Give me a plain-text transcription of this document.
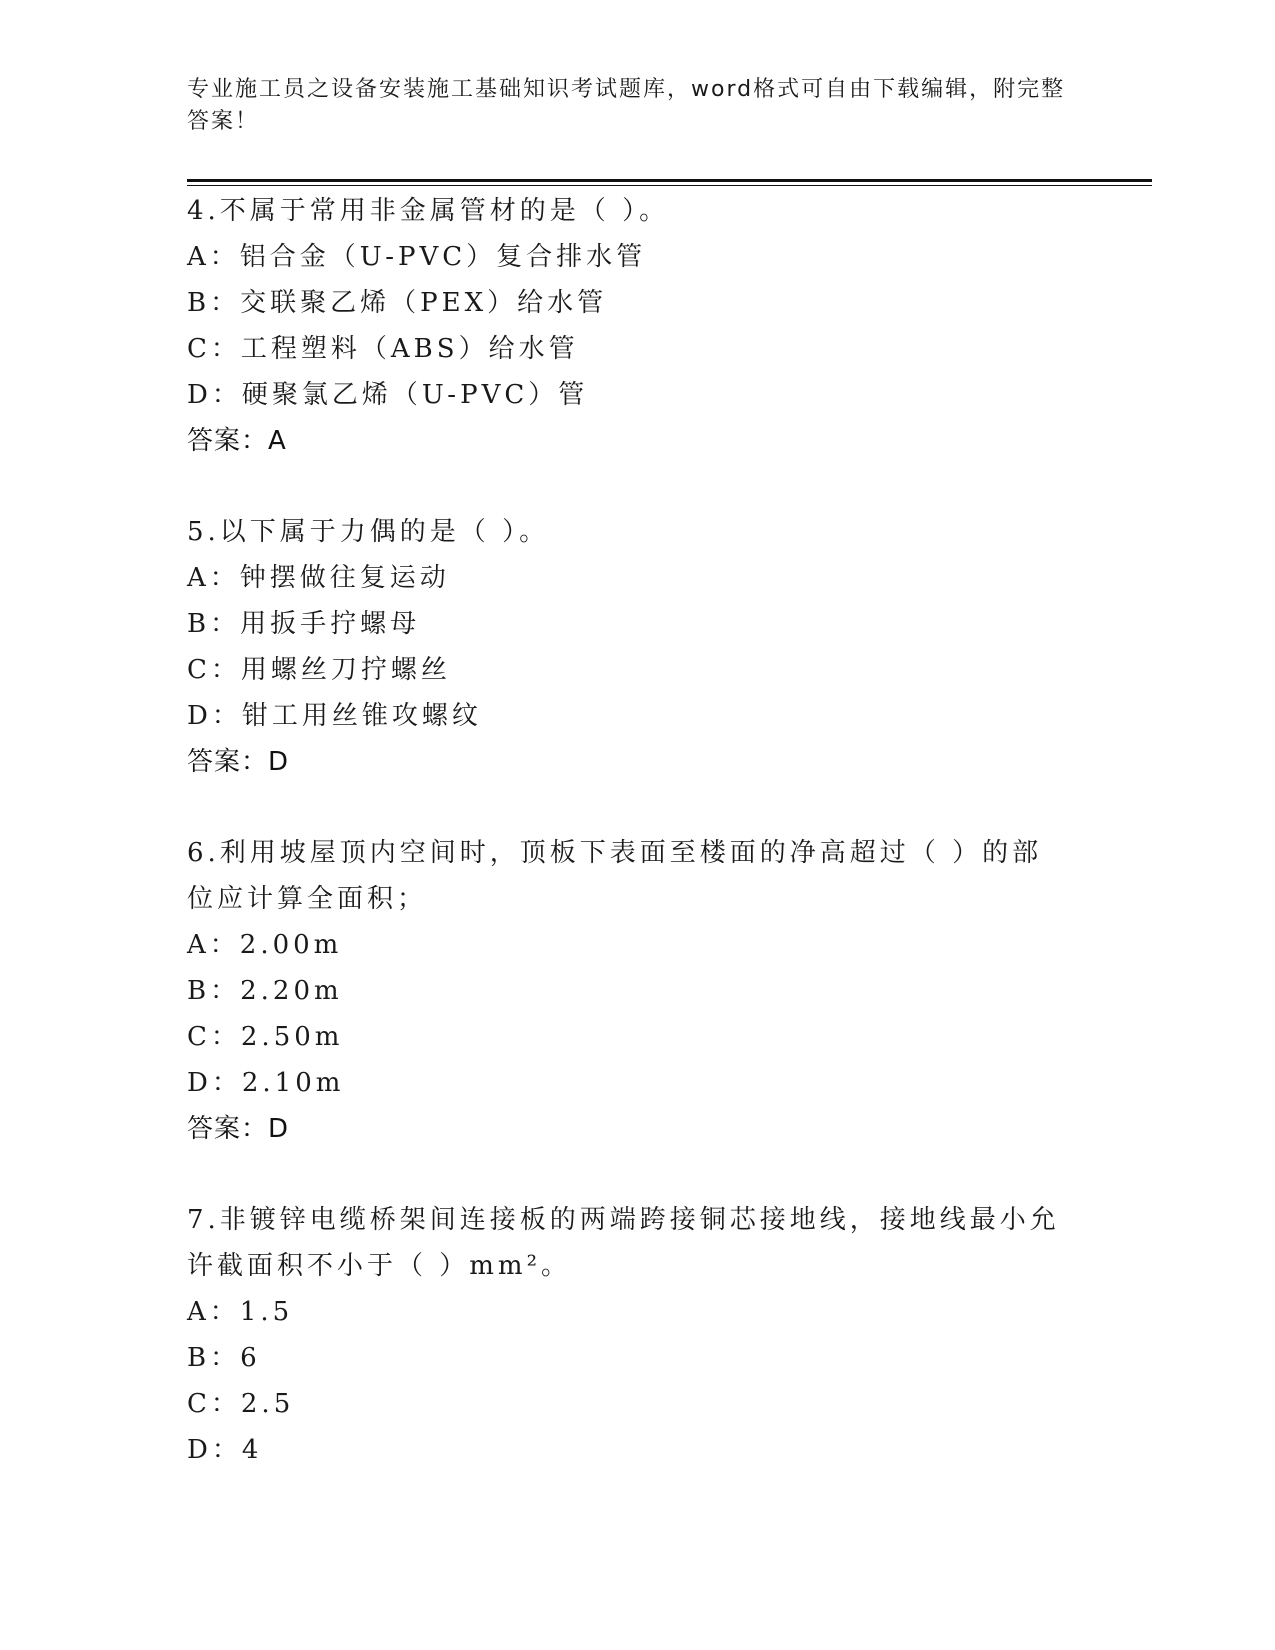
专业施工员之设备安装施工基础知识考试题库，word格式可自由下载编辑，附完整答案！
4.不属于常用非金属管材的是（ ）。
A：铝合金（U-PVC）复合排水管
B：交联聚乙烯（PEX）给水管
C：工程塑料（ABS）给水管
D：硬聚氯乙烯（U-PVC）管
答案：A
5.以下属于力偶的是（ ）。
A：钟摆做往复运动
B：用扳手拧螺母
C：用螺丝刀拧螺丝
D：钳工用丝锥攻螺纹
答案：D
6.利用坡屋顶内空间时，顶板下表面至楼面的净高超过（ ）的部位应计算全面积；
A：2.00m
B：2.20m
C：2.50m
D：2.10m
答案：D
7.非镀锌电缆桥架间连接板的两端跨接铜芯接地线，接地线最小允许截面积不小于（ ）mm²。
A：1.5
B：6
C：2.5
D：4
